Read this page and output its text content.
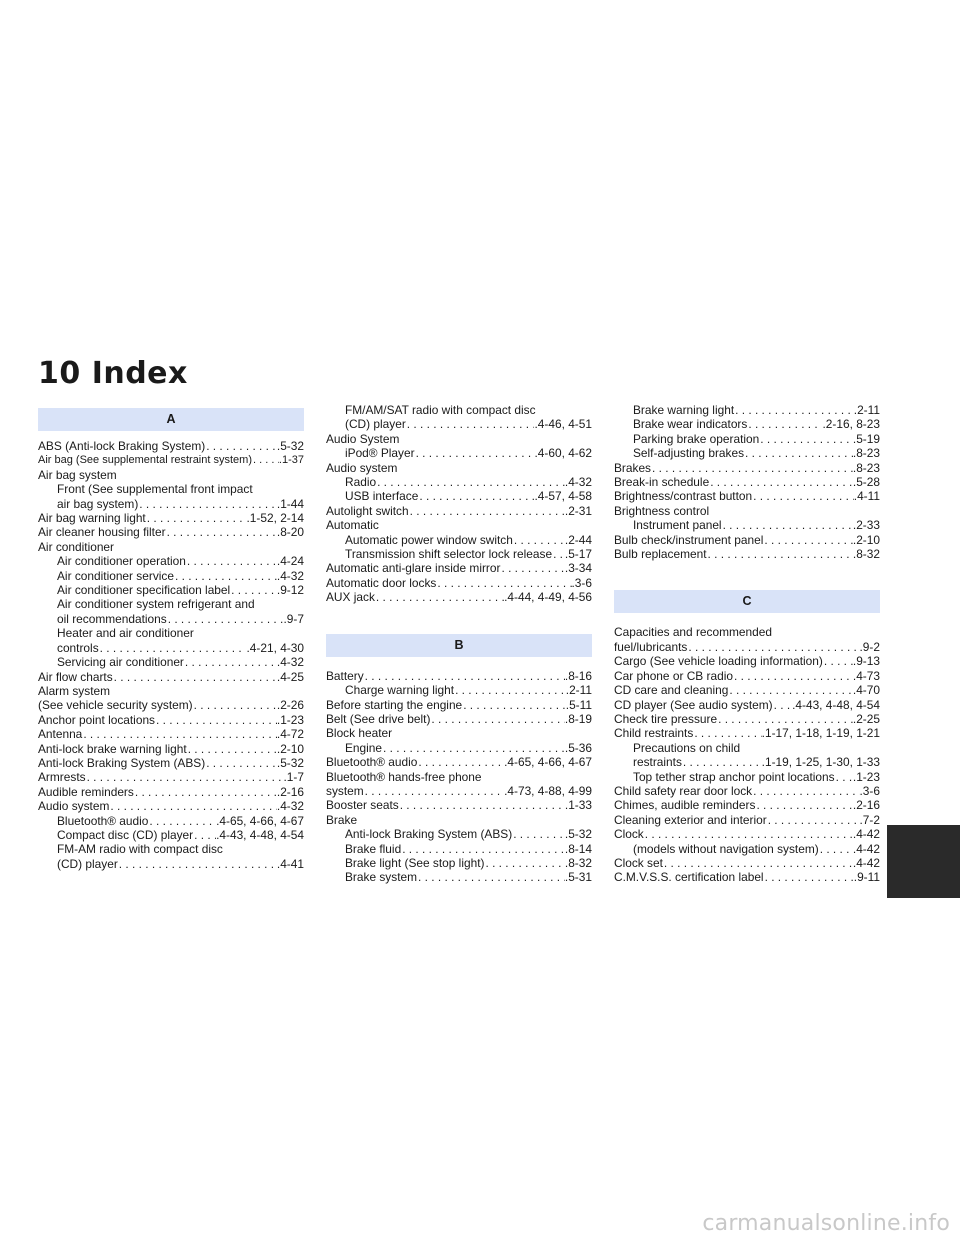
10 Index
A
ABS (Anti-lock Braking System) . . .	.5-32
Air bag (See supplemental restraint system) . . . .1-37
Air bag system
Front (See supplemental front impact
air bag system) . . .	.1-44
Air bag warning light . . .	.1-52, 2-14
Air cleaner housing filter . . .	.8-20
Air conditioner
Air conditioner operation . . .	.4-24
Air conditioner service . . .	.4-32
Air conditioner specification label . . .	.9-12
Air conditioner system refrigerant and
oil recommendations . . .	.9-7
Heater and air conditioner
controls . . .	.4-21, 4-30
Servicing air conditioner . . .	.4-32
Air flow charts . . .	.4-25
Alarm system
(See vehicle security system) . . .	.2-26
Anchor point locations . . .	.1-23
Antenna . . .	.4-72
Anti-lock brake warning light . . .	.2-10
Anti-lock Braking System (ABS) . . .	.5-32
Armrests . . .	.1-7
Audible reminders . . .	.2-16
Audio system . . .	.4-32
Bluetooth® audio . . .	.4-65, 4-66, 4-67
Compact disc (CD) player . . . .4-43, 4-48, 4-54
FM-AM radio with compact disc
(CD) player . . .	.4-41
FM/AM/SAT radio with compact disc
(CD) player . . .	.4-46, 4-51
Audio System
iPod® Player . . .	.4-60, 4-62
Audio system
Radio . . .	.4-32
USB interface . . .	.4-57, 4-58
Autolight switch . . .	.2-31
Automatic
Automatic power window switch . . .	.2-44
Transmission shift selector lock release . . . .5-17
Automatic anti-glare inside mirror . . .	.3-34
Automatic door locks . . .	.3-6
AUX jack . . .	.4-44, 4-49, 4-56
B
Battery . . .	.8-16
Charge warning light . . .	.2-11
Before starting the engine . . .	.5-11
Belt (See drive belt) . . .	.8-19
Block heater
Engine . . .	.5-36
Bluetooth® audio . . .	.4-65, 4-66, 4-67
Bluetooth® hands-free phone
system . . .	.4-73, 4-88, 4-99
Booster seats . . .	.1-33
Brake
Anti-lock Braking System (ABS) . . .	.5-32
Brake fluid . . .	.8-14
Brake light (See stop light) . . .	.8-32
Brake system . . .	.5-31
Brake warning light . . .	.2-11
Brake wear indicators . . .	.2-16, 8-23
Parking brake operation . . .	.5-19
Self-adjusting brakes . . .	.8-23
Brakes . . .	.8-23
Break-in schedule . . .	.5-28
Brightness/contrast button . . .	.4-11
Brightness control
Instrument panel . . .	.2-33
Bulb check/instrument panel . . .	.2-10
Bulb replacement . . .	.8-32
C
Capacities and recommended
fuel/lubricants . . .	.9-2
Cargo (See vehicle loading information) . . .	.9-13
Car phone or CB radio . . .	.4-73
CD care and cleaning . . .	.4-70
CD player (See audio system) . . . .4-43, 4-48, 4-54
Check tire pressure . . .	.2-25
Child restraints . . .	.1-17, 1-18, 1-19, 1-21
Precautions on child
restraints . . .	.1-19, 1-25, 1-30, 1-33
Top tether strap anchor point locations . . . .1-23
Child safety rear door lock . . .	.3-6
Chimes, audible reminders . . .	.2-16
Cleaning exterior and interior . . .	.7-2
Clock . . .	.4-42
(models without navigation system) . . .	.4-42
Clock set . . .	.4-42
C.M.V.S.S. certification label . . .	.9-11
carmanualsonline.info
